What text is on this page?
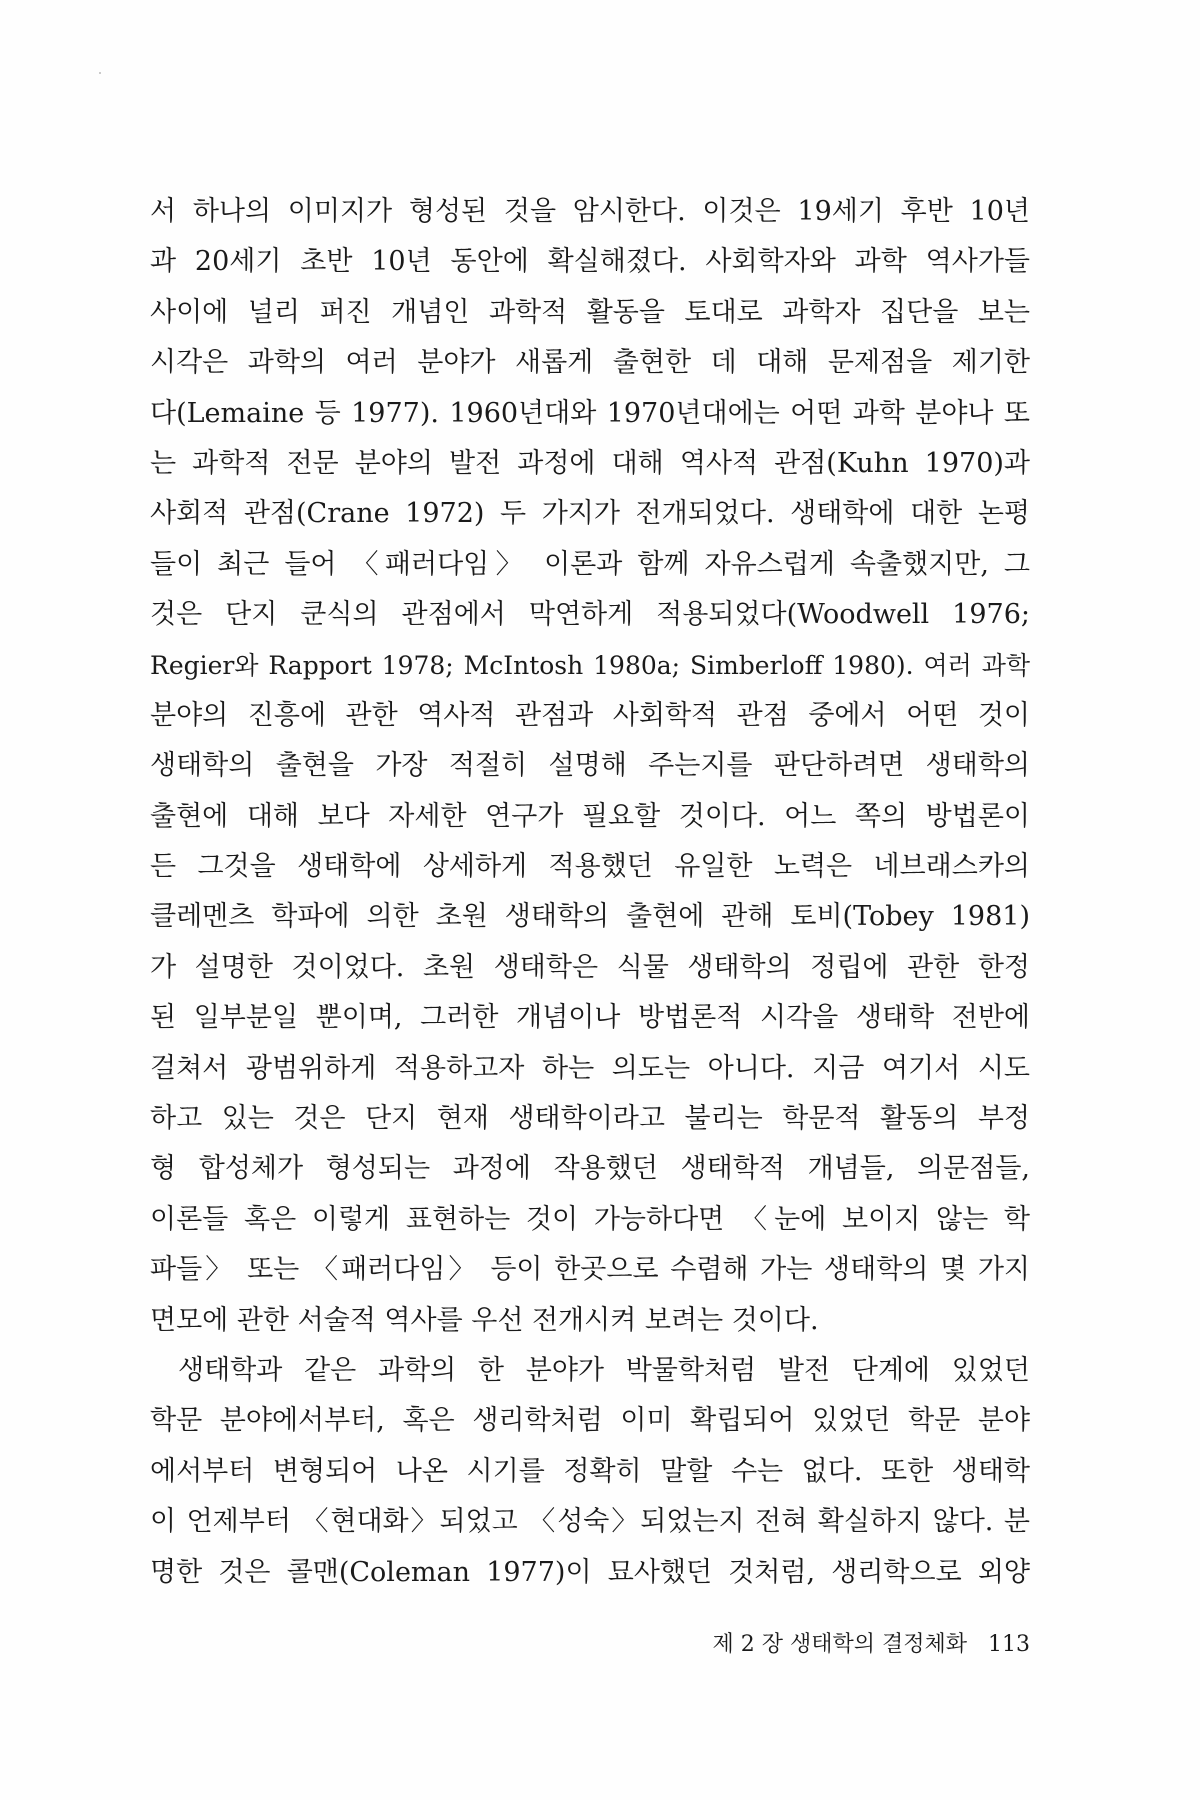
서 하나의 이미지가 형성된 것을 암시한다. 이것은 19세기 후반 10년
과 20세기 초반 10년 동안에 확실해졌다. 사회학자와 과학 역사가들
사이에 널리 퍼진 개념인 과학적 활동을 토대로 과학자 집단을 보는
시각은 과학의 여러 분야가 새롭게 출현한 데 대해 문제점을 제기한
다(Lemaine 등 1977). 1960년대와 1970년대에는 어떤 과학 분야나 또
는 과학적 전문 분야의 발전 과정에 대해 역사적 관점(Kuhn 1970)과
사회적 관점(Crane 1972) 두 가지가 전개되었다. 생태학에 대한 논평
들이 최근 들어 〈패러다임〉 이론과 함께 자유스럽게 속출했지만, 그
것은 단지 쿤식의 관점에서 막연하게 적용되었다(Woodwell 1976;
Regier와 Rapport 1978; McIntosh 1980a; Simberloff 1980). 여러 과학
분야의 진흥에 관한 역사적 관점과 사회학적 관점 중에서 어떤 것이
생태학의 출현을 가장 적절히 설명해 주는지를 판단하려면 생태학의
출현에 대해 보다 자세한 연구가 필요할 것이다. 어느 쪽의 방법론이
든 그것을 생태학에 상세하게 적용했던 유일한 노력은 네브래스카의
클레멘츠 학파에 의한 초원 생태학의 출현에 관해 토비(Tobey 1981)
가 설명한 것이었다. 초원 생태학은 식물 생태학의 정립에 관한 한정
된 일부분일 뿐이며, 그러한 개념이나 방법론적 시각을 생태학 전반에
걸쳐서 광범위하게 적용하고자 하는 의도는 아니다. 지금 여기서 시도
하고 있는 것은 단지 현재 생태학이라고 불리는 학문적 활동의 부정
형 합성체가 형성되는 과정에 작용했던 생태학적 개념들, 의문점들,
이론들 혹은 이렇게 표현하는 것이 가능하다면 〈눈에 보이지 않는 학
파들〉 또는 〈패러다임〉 등이 한곳으로 수렴해 가는 생태학의 몇 가지
면모에 관한 서술적 역사를 우선 전개시켜 보려는 것이다.
생태학과 같은 과학의 한 분야가 박물학처럼 발전 단계에 있었던
학문 분야에서부터, 혹은 생리학처럼 이미 확립되어 있었던 학문 분야
에서부터 변형되어 나온 시기를 정확히 말할 수는 없다. 또한 생태학
이 언제부터 〈현대화〉되었고 〈성숙〉되었는지 전혀 확실하지 않다. 분
명한 것은 콜맨(Coleman 1977)이 묘사했던 것처럼, 생리학으로 외양
제 2 장 생태학의 결정체화 113
